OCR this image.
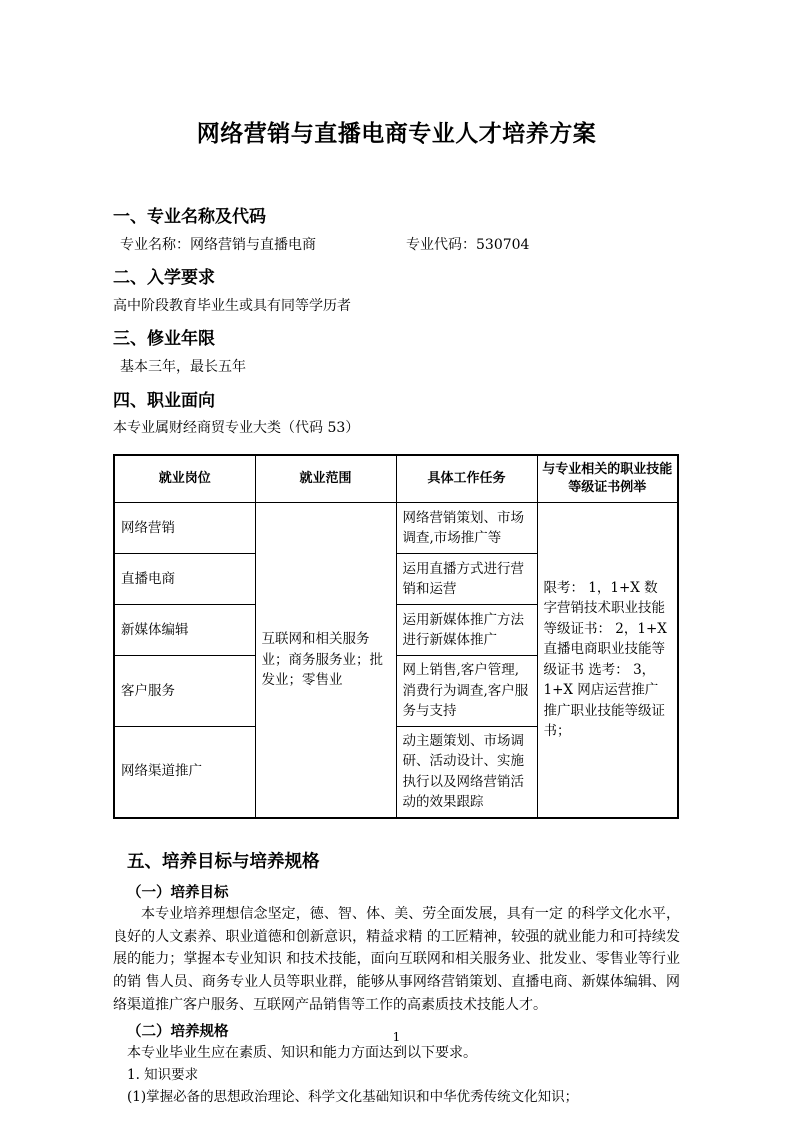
网络营销与直播电商专业人才培养方案
一、专业名称及代码
专业名称：网络营销与直播电商	专业代码：530704
二、入学要求

高中阶段教育毕业生或具有同等学历者

三、修业年限

基本三年，最长五年

四、职业面向

本专业属财经商贸专业大类（代码 53）

就业岗位	就业范围	具体工作任务	与专业相关的职业技能等级证书例举
网络营销	互联网和相关服务业；商务服务业；批发业；零售业	网络营销策划、市场调查,市场推广等	限考： 1，1+X 数字营销技术职业技能等级证书： 2，1+X 直播电商职业技能等级证书 选考： 3，1+X 网店运营推广推广职业技能等级证书；
直播电商		运用直播方式进行营销和运营	
新媒体编辑		运用新媒体推广方法进行新媒体推广	
客户服务		网上销售,客户管理,消费行为调查,客户服务与支持	
网络渠道推广		动主题策划、市场调研、活动设计、实施执行以及网络营销活动的效果跟踪	
五、培养目标与培养规格
（一）培养目标

本专业培养理想信念坚定，德、智、体、美、劳全面发展，具有一定 的科学文化水平，良好的人文素养、职业道德和创新意识，精益求精 的工匠精神，较强的就业能力和可持续发展的能力；掌握本专业知识 和技术技能，面向互联网和相关服务业、批发业、零售业等行业的销 售人员、商务专业人员等职业群，能够从事网络营销策划、直播电商、新媒体编辑、网络渠道推广客户服务、互联网产品销售等工作的高素质技术技能人才。

（二）培养规格

本专业毕业生应在素质、知识和能力方面达到以下要求。

1. 知识要求

(1)掌握必备的思想政治理论、科学文化基础知识和中华优秀传统文化知识；

1
